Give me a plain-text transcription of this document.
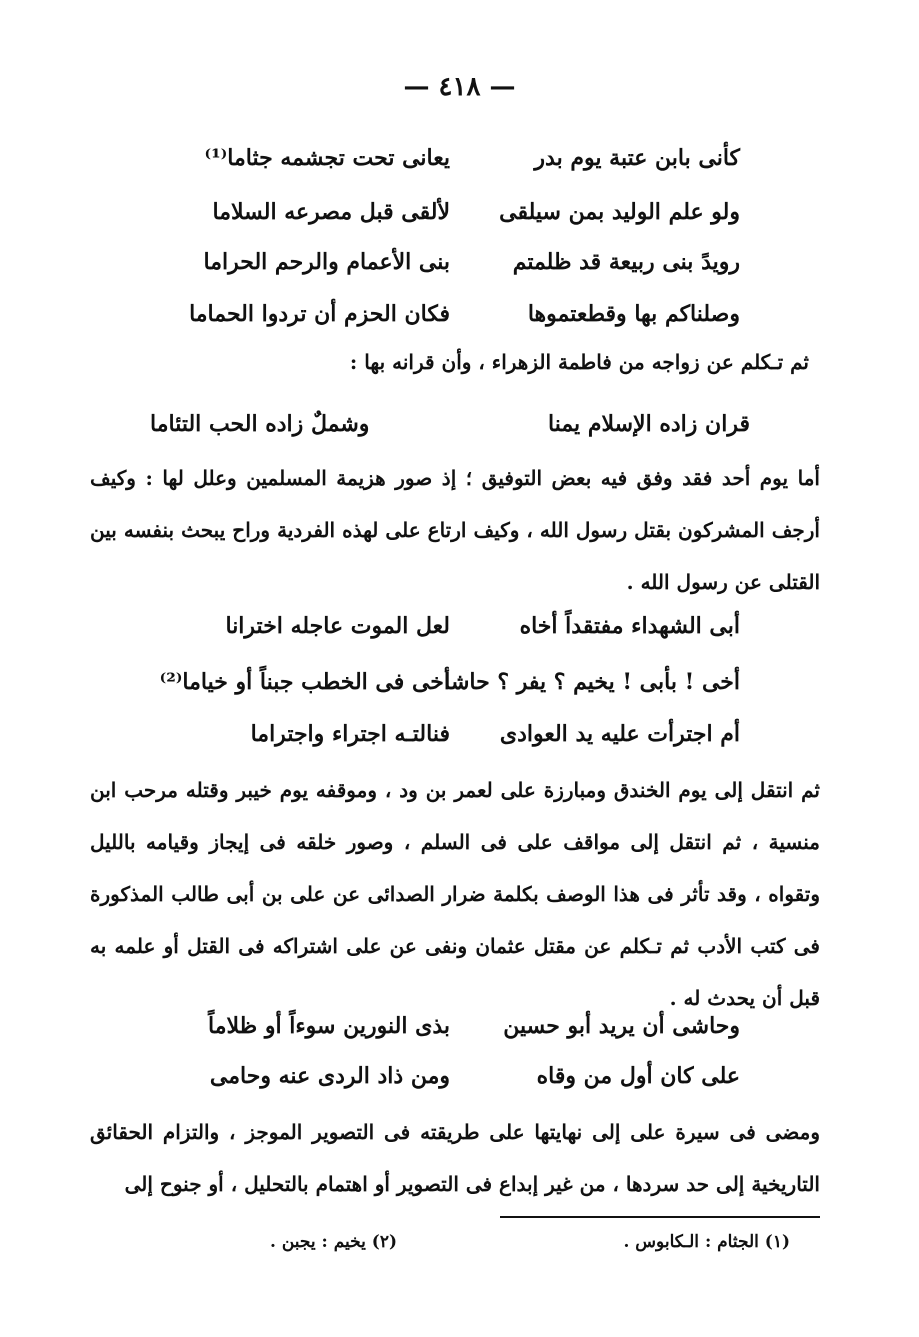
— ٤١٨ —
كأنى بابن عتبة يوم بدر
يعانى تحت تجشمه جثاما⁽¹⁾
ولو علم الوليد بمن سيلقى
لألقى قبل مصرعه السلاما
رويدً بنى ربيعة قد ظلمتم
بنى الأعمام والرحم الحراما
وصلناكم بها وقطعتموها
فكان الحزم أن تردوا الحماما
ثم تـكلم عن زواجه من فاطمة الزهراء ، وأن قرانه بها :
قران زاده الإسلام يمنا
وشملٌ زاده الحب التئاما

أما يوم أحد فقد وفق فيه بعض التوفيق ؛ إذ صور هزيمة المسلمين وعلل لها : وكيف أرجف المشركون بقتل رسول الله ، وكيف ارتاع على لهذه الفردية وراح يبحث بنفسه بين القتلى عن رسول الله .

أبى الشهداء مفتقداً أخاه
لعل الموت عاجله اخترانا
أخى ! بأبى ! يخيم ؟ يفر ؟ حاشا
أخى فى الخطب جبناً أو خياما⁽²⁾
أم اجترأت عليه يد العوادى
فنالتـه اجتراء واجتراما

ثم انتقل إلى يوم الخندق ومبارزة على لعمر بن ود ، وموقفه يوم خيبر وقتله مرحب ابن منسية ، ثم انتقل إلى مواقف على فى السلم ، وصور خلقه فى إيجاز وقيامه بالليل وتقواه ، وقد تأثر فى هذا الوصف بكلمة ضرار الصدائى عن على بن أبى طالب المذكورة فى كتب الأدب ثم تـكلم عن مقتل عثمان ونفى عن على اشتراكه فى القتل أو علمه به قبل أن يحدث له .

وحاشى أن يريد أبو حسين
بذى النورين سوءاً أو ظلاماً
على كان أول من وقاه
ومن ذاد الردى عنه وحامى

ومضى فى سيرة على إلى نهايتها على طريقته فى التصوير الموجز ، والتزام الحقائق التاريخية إلى حد سردها ، من غير إبداع فى التصوير أو اهتمام بالتحليل ، أو جنوح إلى

(١) الجثام : الـكابوس .
(٢) يخيم : يجبن .
